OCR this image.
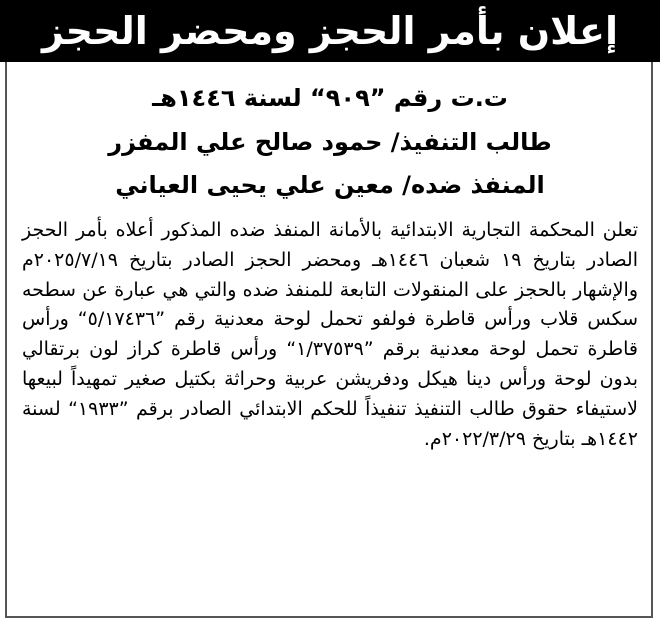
إعلان بأمر الحجز ومحضر الحجز
ت.ت رقم ”٩٠٩“ لسنة ١٤٤٦هـ
طالب التنفيذ/ حمود صالح علي المفزر
المنفذ ضده/ معين علي يحيى العياني

تعلن المحكمة التجارية الابتدائية بالأمانة المنفذ ضده المذكور أعلاه بأمر الحجز الصادر بتاريخ ١٩ شعبان ١٤٤٦هـ ومحضر الحجز الصادر بتاريخ ٢٠٢٥/٧/١٩م والإشهار بالحجز على المنقولات التابعة للمنفذ ضده والتي هي عبارة عن سطحه سكس قلاب ورأس قاطرة فولفو تحمل لوحة معدنية رقم ”٥/١٧٤٣٦“ ورأس قاطرة تحمل لوحة معدنية برقم ”١/٣٧٥٣٩“ ورأس قاطرة كراز لون برتقالي بدون لوحة ورأس دينا هيكل ودفريشن عربية وحراثة بكتيل صغير تمهيداً لبيعها لاستيفاء حقوق طالب التنفيذ تنفيذاً للحكم الابتدائي الصادر برقم ”١٩٣٣“ لسنة ١٤٤٢هـ بتاريخ ٢٠٢٢/٣/٢٩م.
